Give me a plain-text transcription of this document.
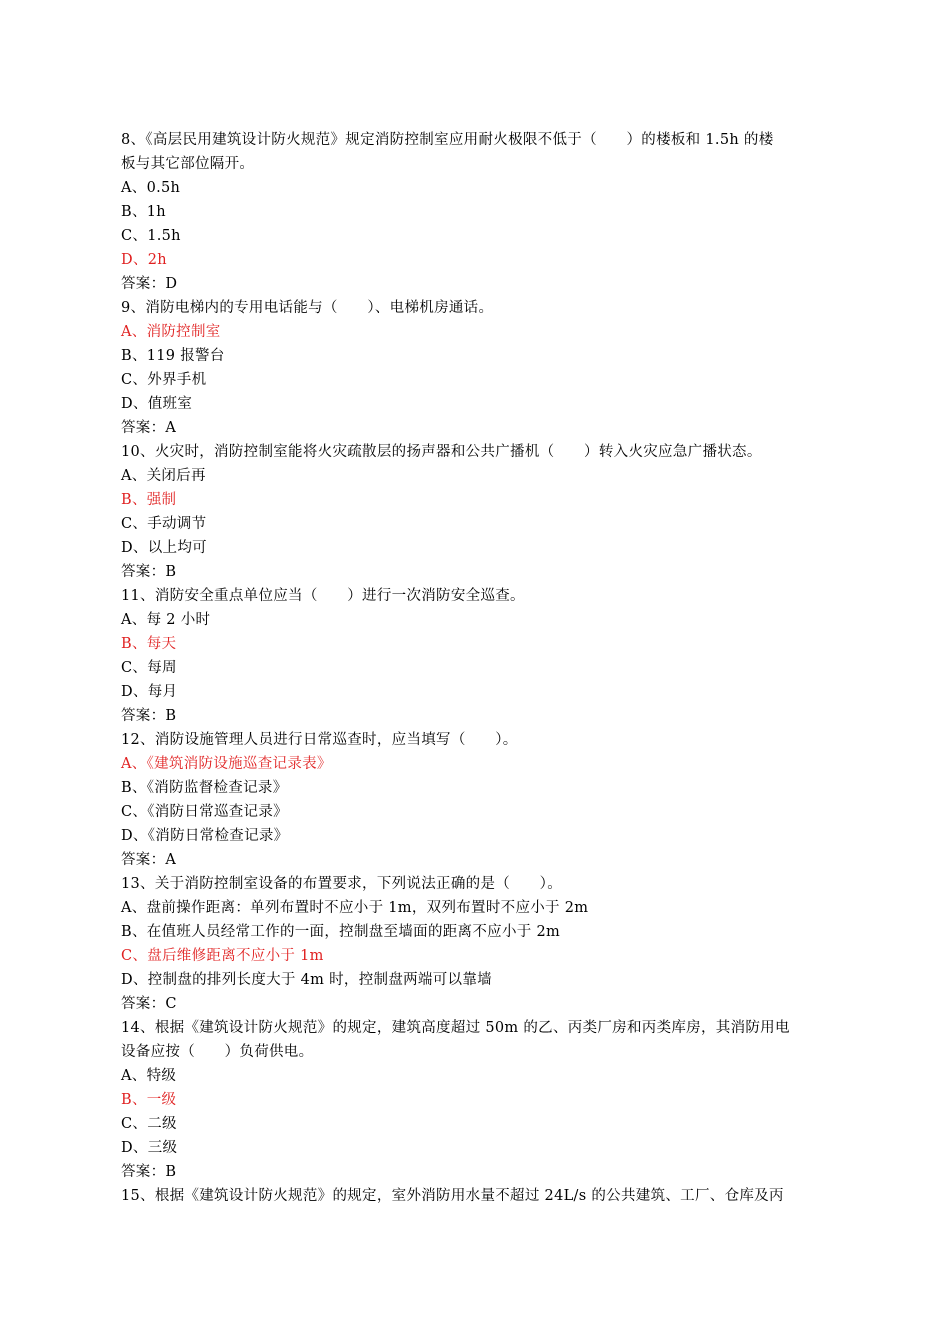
8、《高层民用建筑设计防火规范》规定消防控制室应用耐火极限不低于（　　）的楼板和 1.5h 的楼
板与其它部位隔开。
A、0.5h
B、1h
C、1.5h
D、2h
答案：D
9、消防电梯内的专用电话能与（　　）、电梯机房通话。
A、消防控制室
B、119 报警台
C、外界手机
D、值班室
答案：A
10、火灾时，消防控制室能将火灾疏散层的扬声器和公共广播机（　　）转入火灾应急广播状态。
A、关闭后再
B、强制
C、手动调节
D、以上均可
答案：B
11、消防安全重点单位应当（　　）进行一次消防安全巡查。
A、每 2 小时
B、每天
C、每周
D、每月
答案：B
12、消防设施管理人员进行日常巡查时，应当填写（　　）。
A、《建筑消防设施巡查记录表》
B、《消防监督检查记录》
C、《消防日常巡查记录》
D、《消防日常检查记录》
答案：A
13、关于消防控制室设备的布置要求，下列说法正确的是（　　）。
A、盘前操作距离：单列布置时不应小于 1m，双列布置时不应小于 2m
B、在值班人员经常工作的一面，控制盘至墙面的距离不应小于 2m
C、盘后维修距离不应小于 1m
D、控制盘的排列长度大于 4m 时，控制盘两端可以靠墙
答案：C
14、根据《建筑设计防火规范》的规定，建筑高度超过 50m 的乙、丙类厂房和丙类库房，其消防用电
设备应按（　　）负荷供电。
A、特级
B、一级
C、二级
D、三级
答案：B
15、根据《建筑设计防火规范》的规定，室外消防用水量不超过 24L/s 的公共建筑、工厂、仓库及丙
